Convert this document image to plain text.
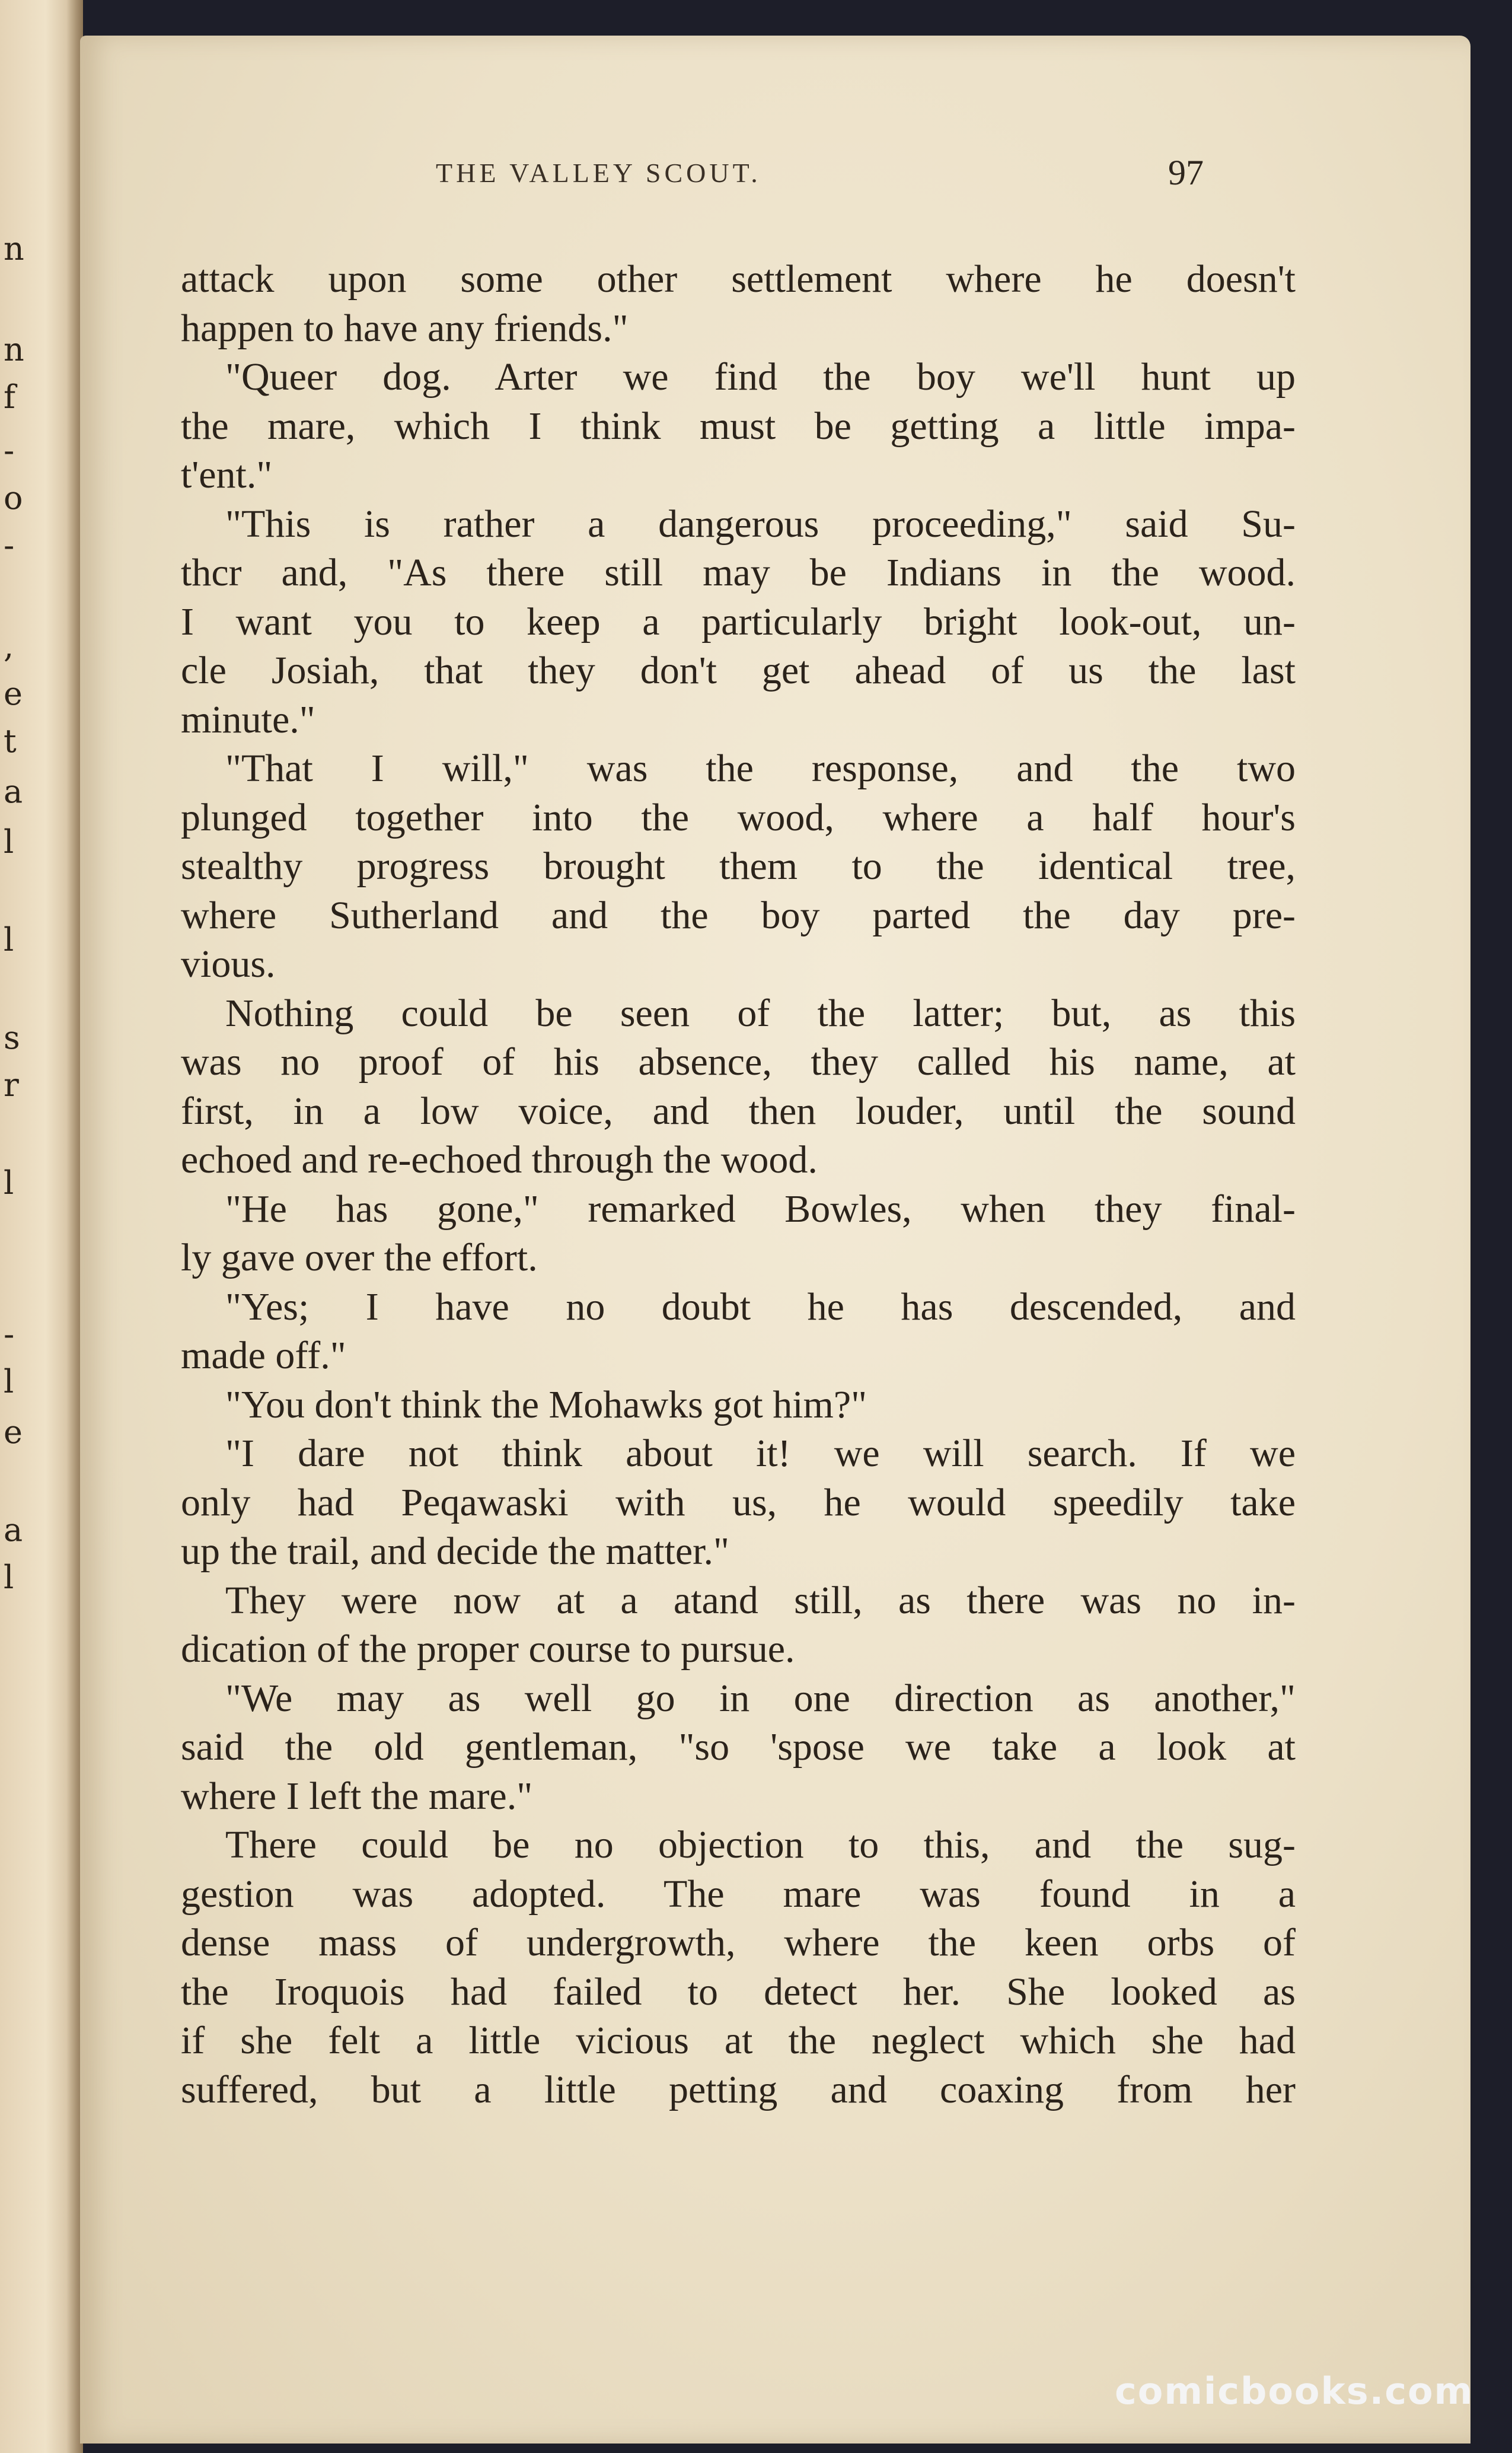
n
n
f
-
o
-
,
e
t
a
l
l
s
r
l
-
l
e
a
l
THE VALLEY SCOUT.	97
attack upon some other settlement where he doesn't
happen to have any friends."
"Queer dog. Arter we find the boy we'll hunt up
the mare, which I think must be getting a little impa-
t'ent."
"This is rather a dangerous proceeding," said Su-
thcr and, "As there still may be Indians in the wood.
I want you to keep a particularly bright look-out, un-
cle Josiah, that they don't get ahead of us the last
minute."
"That I will," was the response, and the two
plunged together into the wood, where a half hour's
stealthy progress brought them to the identical tree,
where Sutherland and the boy parted the day pre-
vious.
Nothing could be seen of the latter; but, as this
was no proof of his absence, they called his name, at
first, in a low voice, and then louder, until the sound
echoed and re-echoed through the wood.
"He has gone," remarked Bowles, when they final-
ly gave over the effort.
"Yes; I have no doubt he has descended, and
made off."
"You don't think the Mohawks got him?"
"I dare not think about it! we will search. If we
only had Peqawaski with us, he would speedily take
up the trail, and decide the matter."
They were now at a atand still, as there was no in-
dication of the proper course to pursue.
"We may as well go in one direction as another,"
said the old gentleman, "so 'spose we take a look at
where I left the mare."
There could be no objection to this, and the sug-
gestion was adopted. The mare was found in a
dense mass of undergrowth, where the keen orbs of
the Iroquois had failed to detect her. She looked as
if she felt a little vicious at the neglect which she had
suffered, but a little petting and coaxing from her
comicbooks.com
